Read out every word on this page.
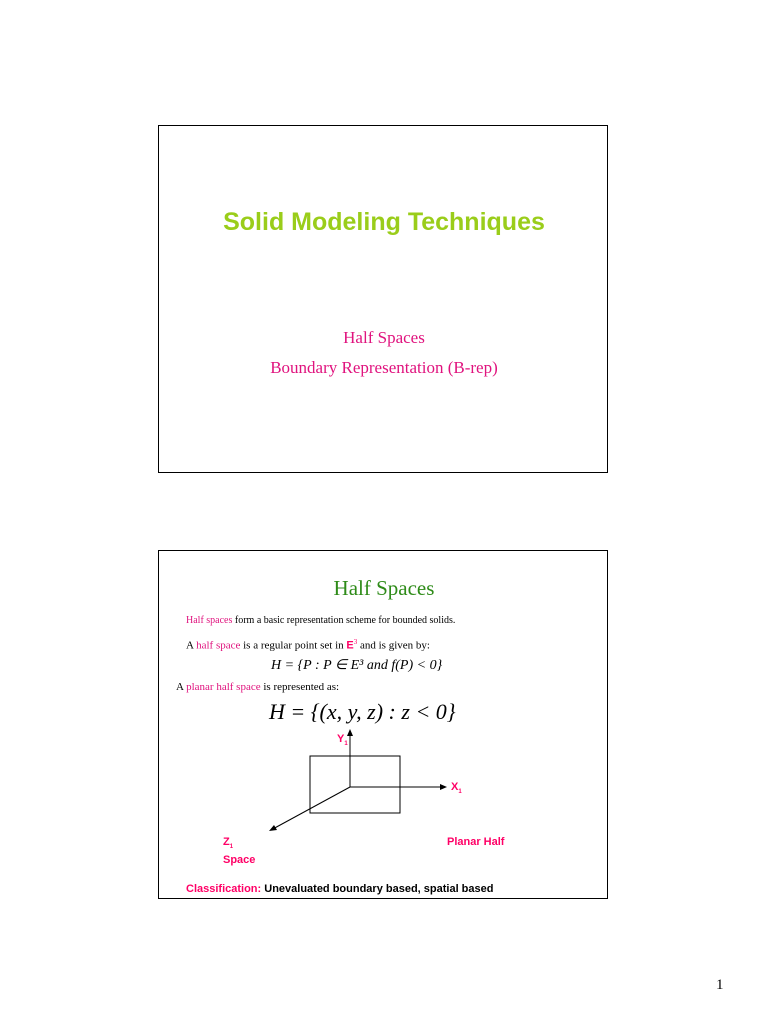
Solid Modeling Techniques
Half Spaces
Boundary Representation (B-rep)
Half Spaces
Half spaces form a basic representation scheme for bounded solids.
A half space is a regular point set in $E^3$ and is given by:
H = {P : P ∈ E³ and f(P) < 0}
A planar half space is represented as:
H = {(x, y, z) : z < 0}
$Y_1$
$X_1$
$Z_1$	Planar Half
Space
Classification: Unevaluated boundary based, spatial based
1
